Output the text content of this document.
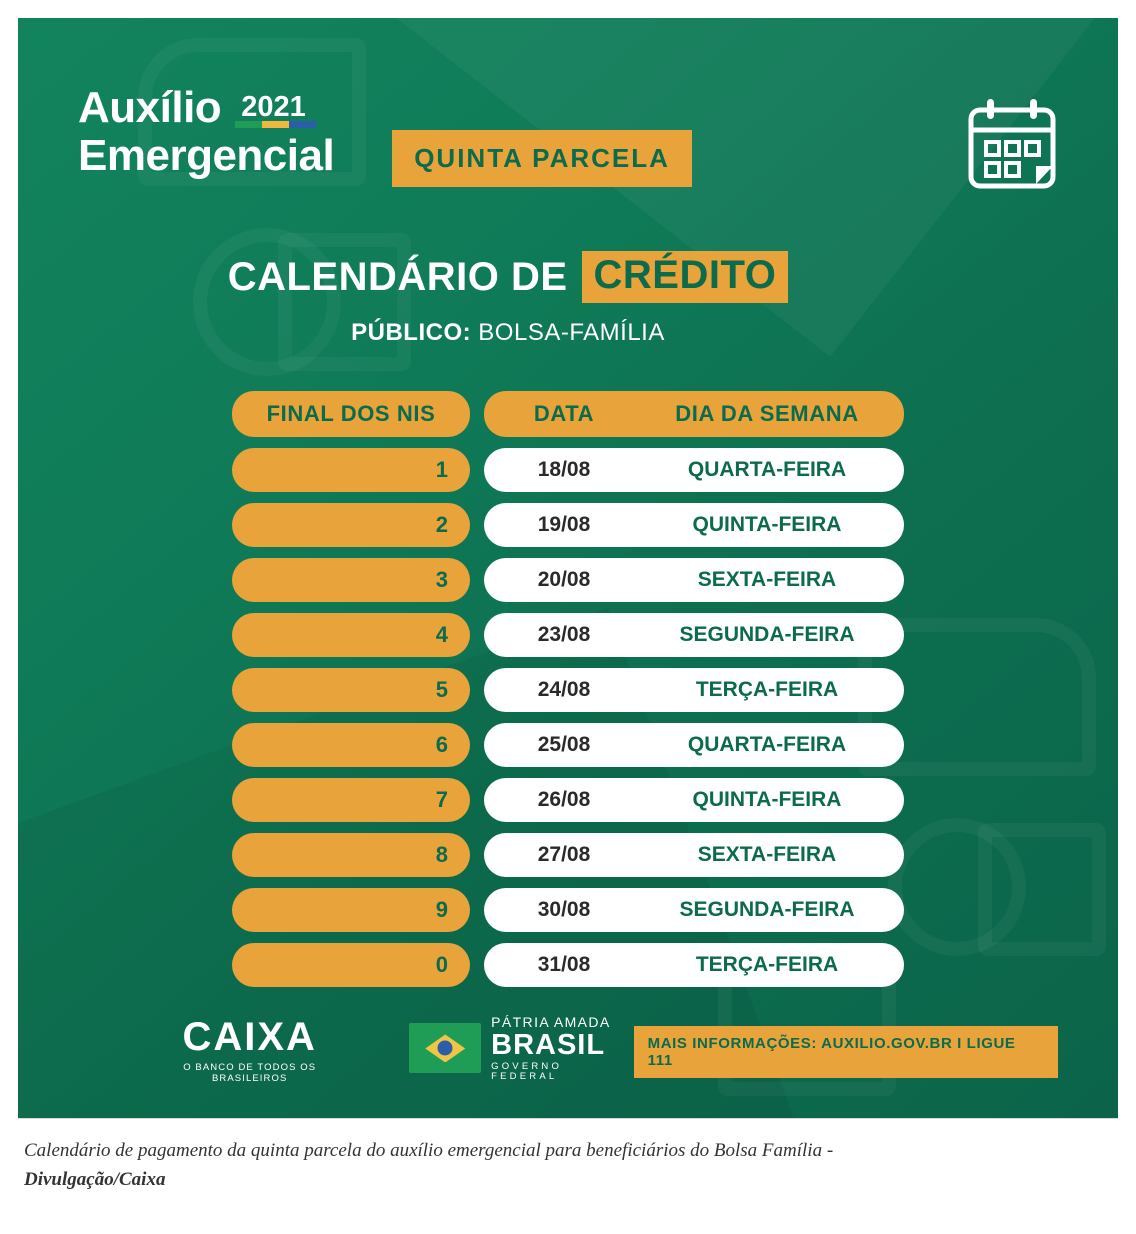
Auxílio 2021
Emergencial	QUINTA PARCELA
CALENDÁRIO DE CRÉDITO
PÚBLICO: BOLSA-FAMÍLIA
FINAL DOS NIS	DATA	DIA DA SEMANA
1	18/08	QUARTA-FEIRA
2	19/08	QUINTA-FEIRA
3	20/08	SEXTA-FEIRA
4	23/08	SEGUNDA-FEIRA
5	24/08	TERÇA-FEIRA
6	25/08	QUARTA-FEIRA
7	26/08	QUINTA-FEIRA
8	27/08	SEXTA-FEIRA
9	30/08	SEGUNDA-FEIRA
0	31/08	TERÇA-FEIRA
CAIXA
O BANCO DE TODOS OS BRASILEIROS
PÁTRIA AMADA
BRASIL
GOVERNO FEDERAL
MAIS INFORMAÇÕES: AUXILIO.GOV.BR I LIGUE 111
Calendário de pagamento da quinta parcela do auxílio emergencial para beneficiários do Bolsa Família -
Divulgação/Caixa
